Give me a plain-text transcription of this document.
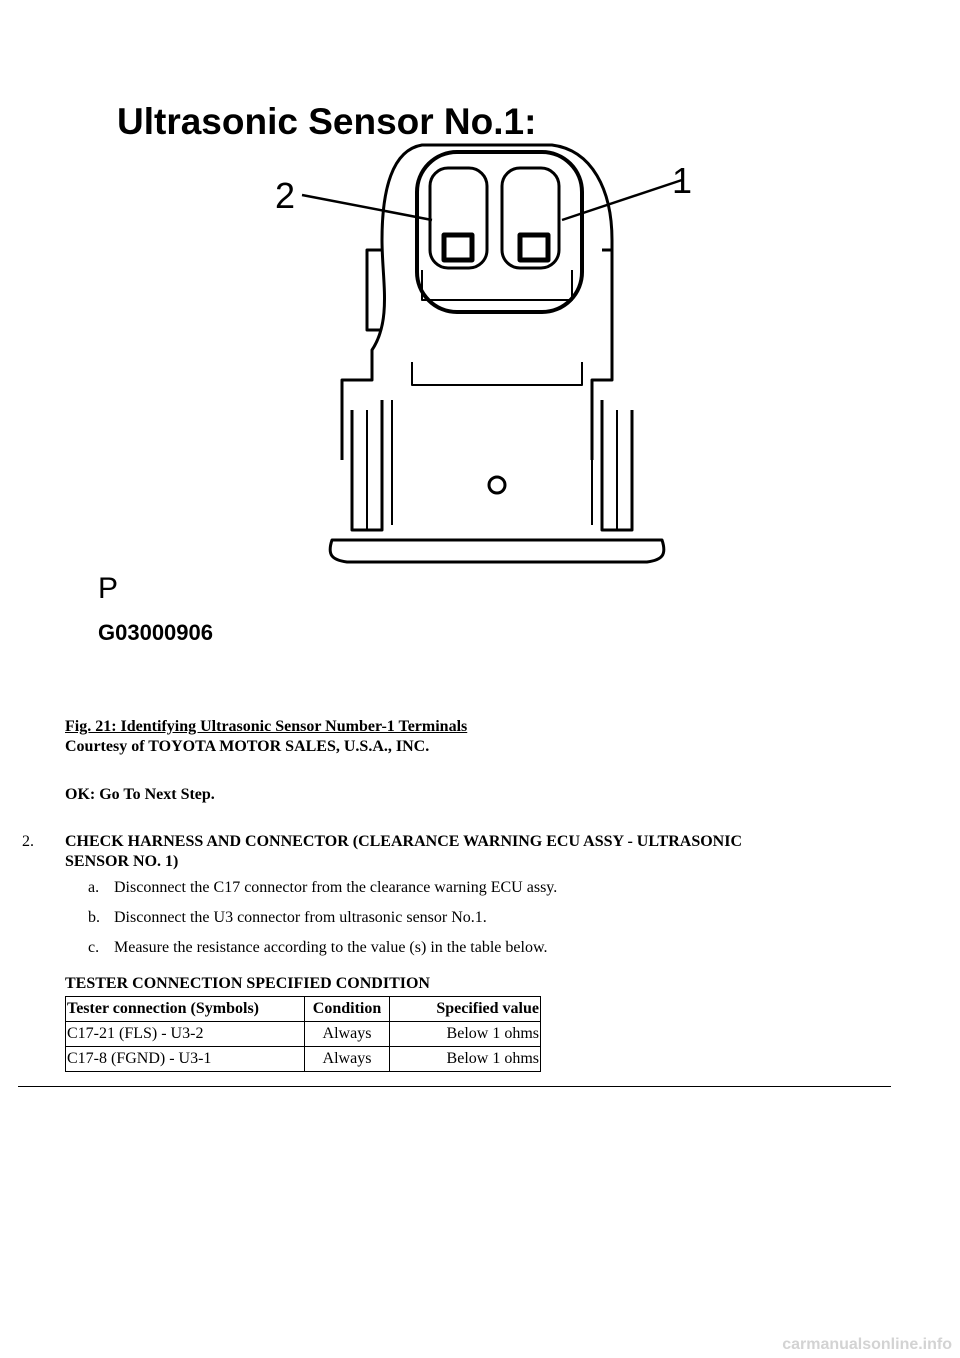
Ultrasonic Sensor No.1:
2	1
P
G03000906
Fig. 21: Identifying Ultrasonic Sensor Number-1 Terminals
Courtesy of TOYOTA MOTOR SALES, U.S.A., INC.
OK: Go To Next Step.
2. CHECK HARNESS AND CONNECTOR (CLEARANCE WARNING ECU ASSY - ULTRASONIC SENSOR NO. 1)
a. Disconnect the C17 connector from the clearance warning ECU assy.
b. Disconnect the U3 connector from ultrasonic sensor No.1.
c. Measure the resistance according to the value (s) in the table below.
TESTER CONNECTION SPECIFIED CONDITION
Tester connection (Symbols)	Condition	Specified value
C17-21 (FLS) - U3-2	Always	Below 1 ohms
C17-8 (FGND) - U3-1	Always	Below 1 ohms
carmanualsonline.info
